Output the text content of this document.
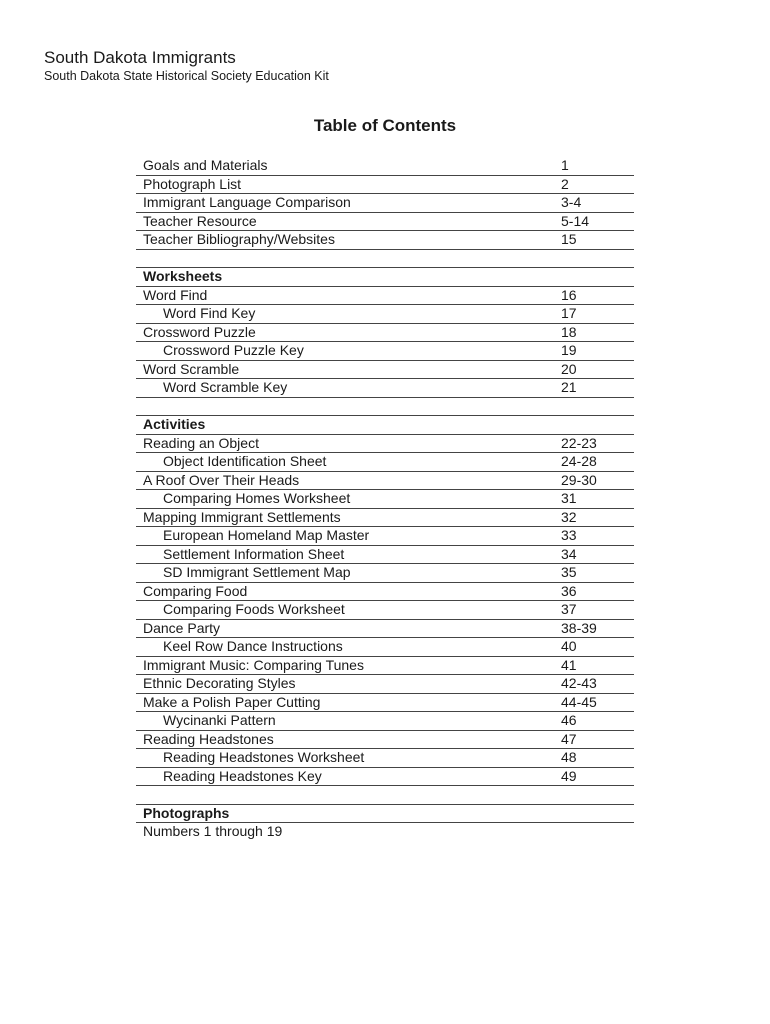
South Dakota Immigrants
South Dakota State Historical Society Education Kit
Table of Contents
Goals and Materials	1
Photograph List	2
Immigrant Language Comparison	3-4
Teacher Resource	5-14
Teacher Bibliography/Websites	15
Worksheets
Word Find	16
Word Find Key	17
Crossword Puzzle	18
Crossword Puzzle Key	19
Word Scramble	20
Word Scramble Key	21
Activities
Reading an Object	22-23
Object Identification Sheet	24-28
A Roof Over Their Heads	29-30
Comparing Homes Worksheet	31
Mapping Immigrant Settlements	32
European Homeland Map Master	33
Settlement Information Sheet	34
SD Immigrant Settlement Map	35
Comparing Food	36
Comparing Foods Worksheet	37
Dance Party	38-39
Keel Row Dance Instructions	40
Immigrant Music: Comparing Tunes	41
Ethnic Decorating Styles	42-43
Make a Polish Paper Cutting	44-45
Wycinanki Pattern	46
Reading Headstones	47
Reading Headstones Worksheet	48
Reading Headstones Key	49
Photographs
Numbers 1 through 19
